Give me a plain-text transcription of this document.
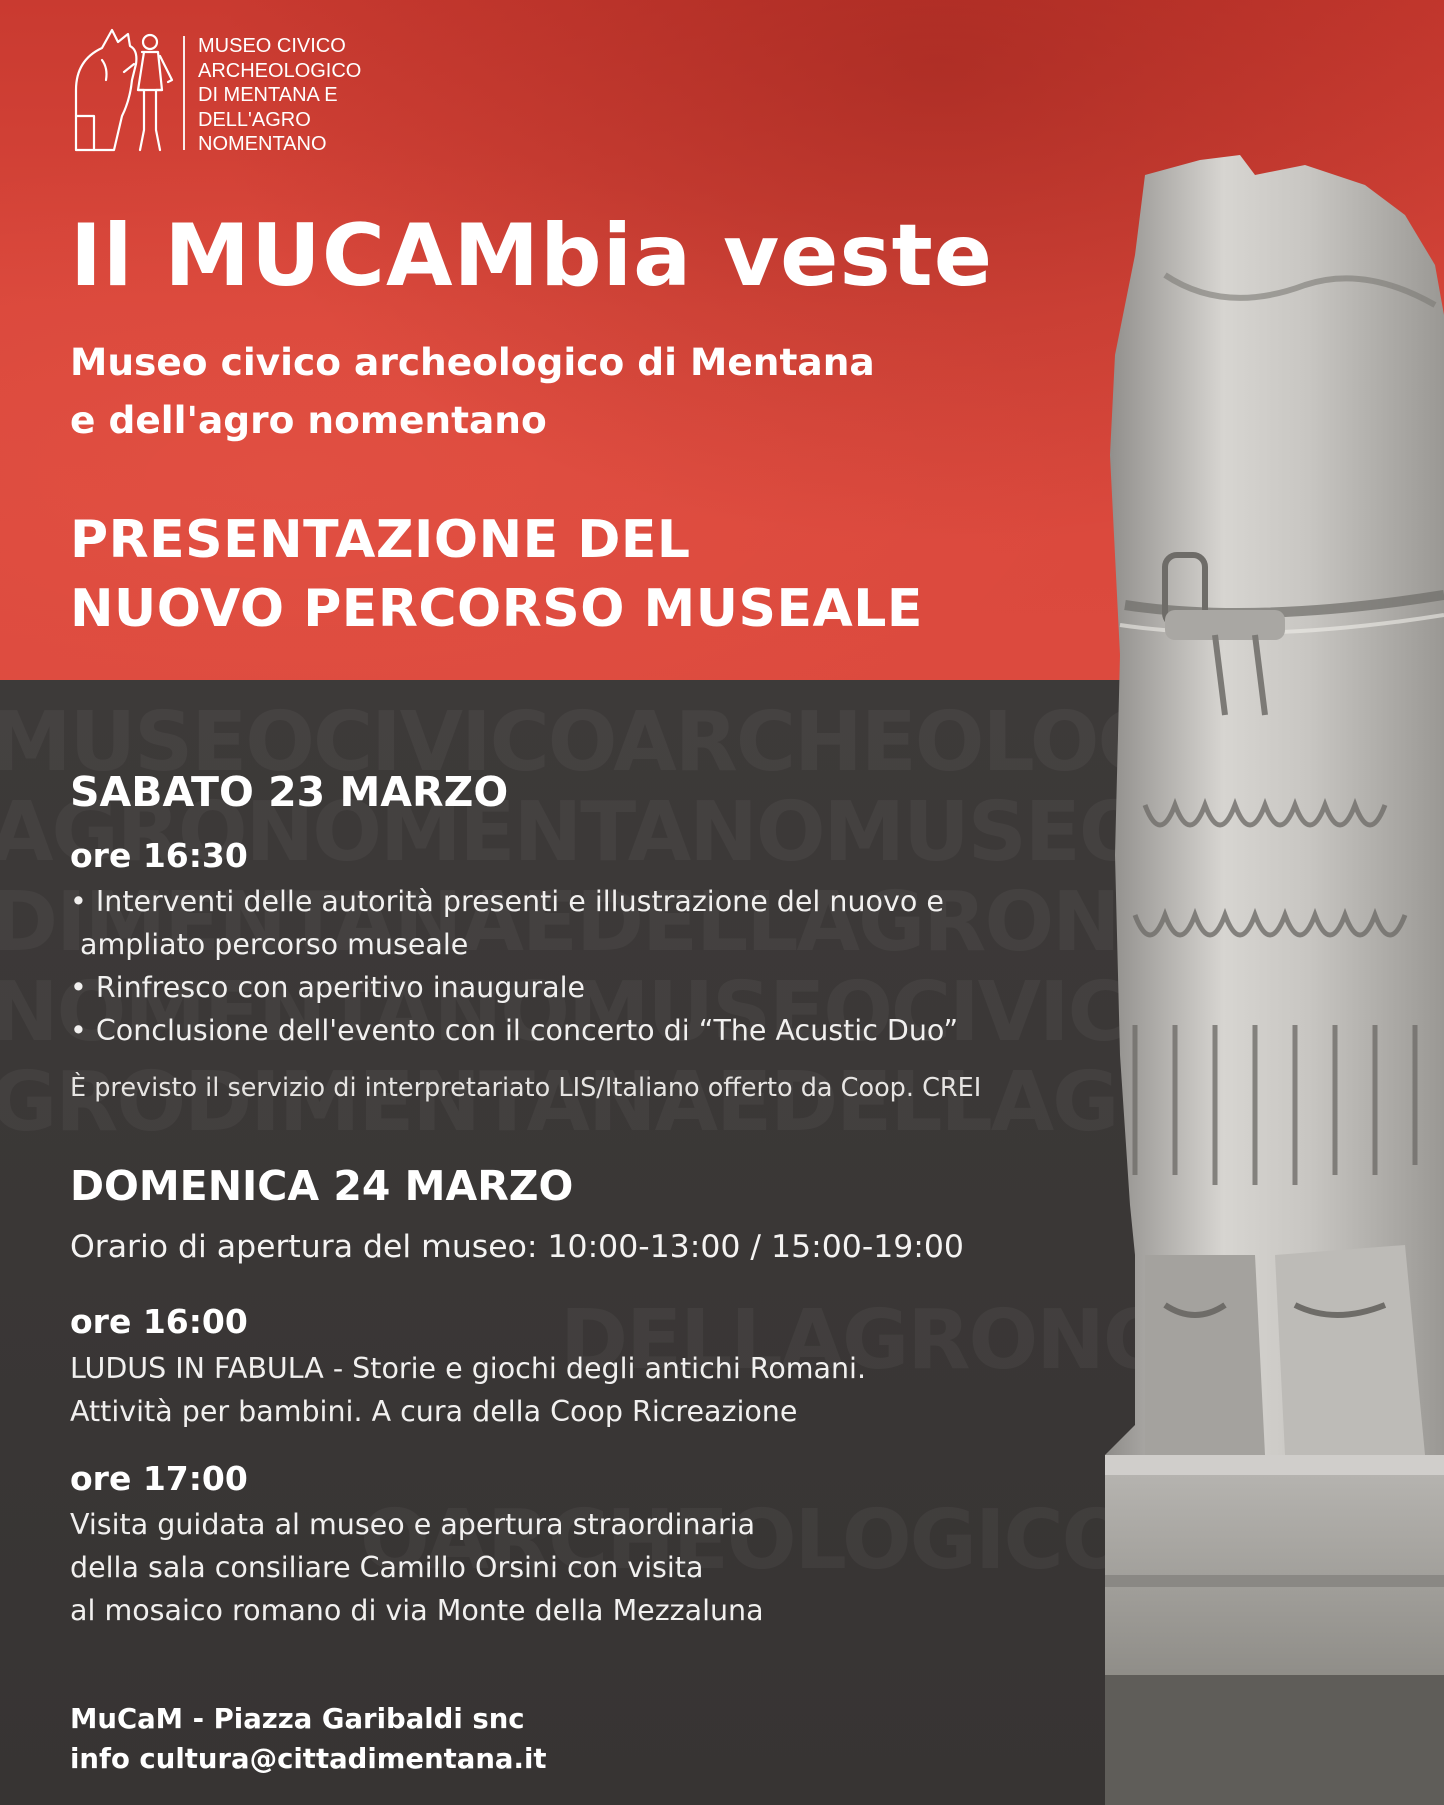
MUSEO CIVICO
ARCHEOLOGICO
DI MENTANA E
DELL'AGRO
NOMENTANO
Il MUCAMbia veste
Museo civico archeologico di Mentana
e dell'agro nomentano
PRESENTAZIONE DEL
NUOVO PERCORSO MUSEALE
SABATO 23 MARZO
ore 16:30
• Interventi delle autorità presenti e illustrazione del nuovo e
ampliato percorso museale
• Rinfresco con aperitivo inaugurale
• Conclusione dell'evento con il concerto di “The Acustic Duo”
È previsto il servizio di interpretariato LIS/Italiano offerto da Coop. CREI
DOMENICA 24 MARZO
Orario di apertura del museo: 10:00-13:00 / 15:00-19:00
ore 16:00
LUDUS IN FABULA - Storie e giochi degli antichi Romani.
Attività per bambini. A cura della Coop Ricreazione
ore 17:00
Visita guidata al museo e apertura straordinaria
della sala consiliare Camillo Orsini con visita
al mosaico romano di via Monte della Mezzaluna
MuCaM - Piazza Garibaldi snc
info cultura@cittadimentana.it
